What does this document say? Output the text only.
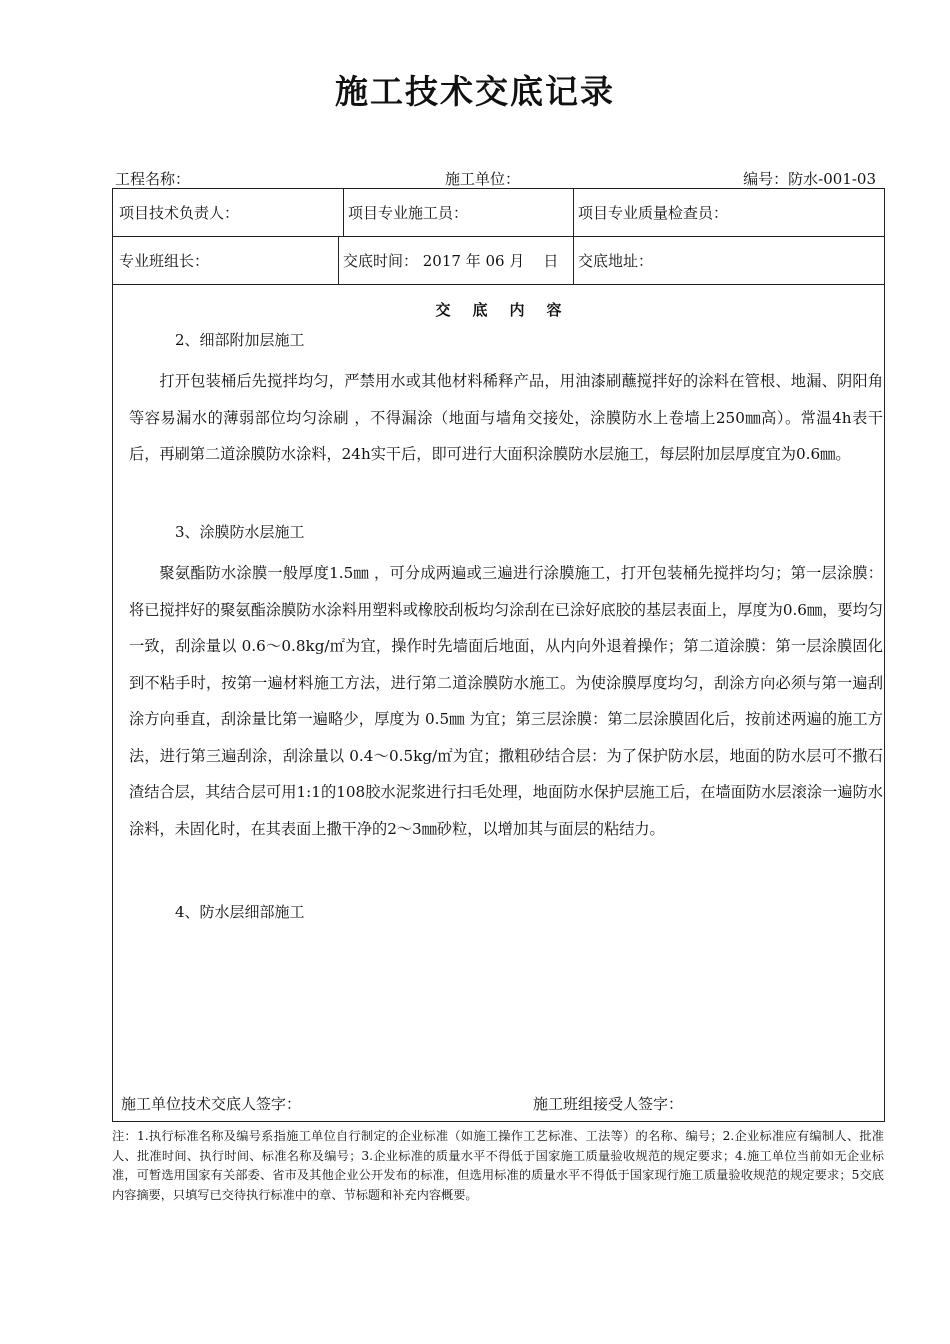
施工技术交底记录
工程名称：	施工单位：	编号：防水-001-03
项目技术负责人：	项目专业施工员：	项目专业质量检查员：
专业班组长：	交底时间： 2017 年 06 月    日	交底地址：
交底内容
2、细部附加层施工
打开包装桶后先搅拌均匀，严禁用水或其他材料稀释产品，用油漆刷蘸搅拌好的涂料在管根、地漏、阴阳角等容易漏水的薄弱部位均匀涂刷 ，不得漏涂（地面与墙角交接处，涂膜防水上卷墙上250㎜高）。常温4h表干后，再刷第二道涂膜防水涂料，24h实干后，即可进行大面积涂膜防水层施工，每层附加层厚度宜为0.6㎜。
3、涂膜防水层施工
聚氨酯防水涂膜一般厚度1.5㎜ ，可分成两遍或三遍进行涂膜施工，打开包装桶先搅拌均匀；第一层涂膜：将已搅拌好的聚氨酯涂膜防水涂料用塑料或橡胶刮板均匀涂刮在已涂好底胶的基层表面上，厚度为0.6㎜，要均匀一致，刮涂量以 0.6～0.8kg/㎡为宜，操作时先墙面后地面，从内向外退着操作；第二道涂膜：第一层涂膜固化到不粘手时，按第一遍材料施工方法，进行第二道涂膜防水施工。为使涂膜厚度均匀，刮涂方向必须与第一遍刮涂方向垂直，刮涂量比第一遍略少，厚度为 0.5㎜ 为宜；第三层涂膜：第二层涂膜固化后，按前述两遍的施工方法，进行第三遍刮涂，刮涂量以 0.4～0.5kg/㎡为宜；撒粗砂结合层：为了保护防水层，地面的防水层可不撒石渣结合层，其结合层可用1:1的108胶水泥浆进行扫毛处理，地面防水保护层施工后，在墙面防水层滚涂一遍防水涂料，未固化时，在其表面上撒干净的2～3㎜砂粒，以增加其与面层的粘结力。
4、防水层细部施工
施工单位技术交底人签字：	施工班组接受人签字：
注：1.执行标准名称及编号系指施工单位自行制定的企业标准（如施工操作工艺标准、工法等）的名称、编号；2.企业标准应有编制人、批准人、批准时间、执行时间、标准名称及编号；3.企业标准的质量水平不得低于国家施工质量验收规范的规定要求；4.施工单位当前如无企业标准，可暂选用国家有关部委、省市及其他企业公开发布的标准，但选用标准的质量水平不得低于国家现行施工质量验收规范的规定要求；5交底内容摘要，只填写已交待执行标准中的章、节标题和补充内容概要。
